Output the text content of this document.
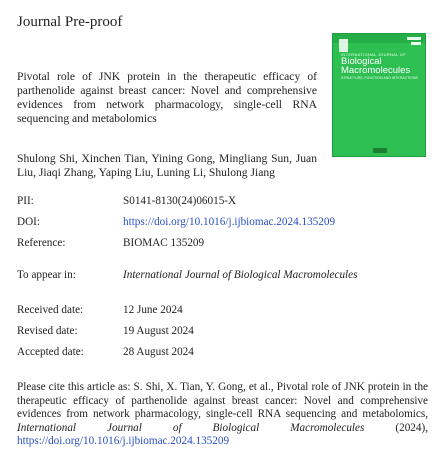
Journal Pre-proof
Pivotal role of JNK protein in the therapeutic efficacy of parthenolide against breast cancer: Novel and comprehensive evidences from network pharmacology, single-cell RNA sequencing and metabolomics
INTERNATIONAL JOURNAL OF
Biological Macromolecules
STRUCTURE, FUNCTION AND INTERACTIONS
Shulong Shi, Xinchen Tian, Yining Gong, Mingliang Sun, Juan Liu, Jiaqi Zhang, Yaping Liu, Luning Li, Shulong Jiang
PII:	S0141-8130(24)06015-X
DOI:	https://doi.org/10.1016/j.ijbiomac.2024.135209
Reference:	BIOMAC 135209
To appear in:	International Journal of Biological Macromolecules
Received date:	12 June 2024
Revised date:	19 August 2024
Accepted date:	28 August 2024
Please cite this article as: S. Shi, X. Tian, Y. Gong, et al., Pivotal role of JNK protein in the therapeutic efficacy of parthenolide against breast cancer: Novel and comprehensive evidences from network pharmacology, single-cell RNA sequencing and metabolomics, International Journal of Biological Macromolecules (2024), https://doi.org/10.1016/j.ijbiomac.2024.135209
